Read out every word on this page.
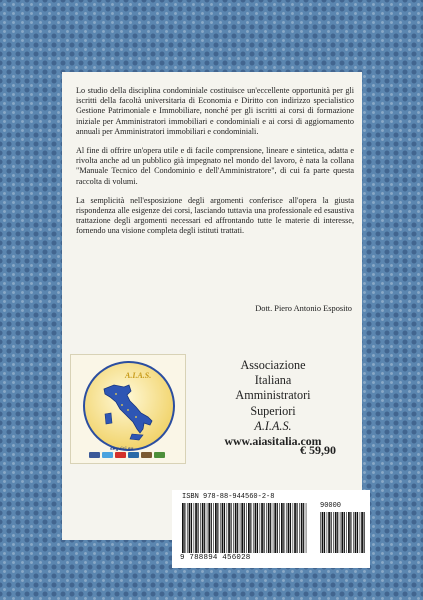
Lo studio della disciplina condominiale costituisce un'eccellente opportunità per gli iscritti della facoltà universitaria di Economia e Diritto con indirizzo specialistico Gestione Patrimoniale e Immobiliare, nonché per gli iscritti ai corsi di formazione iniziale per Amministratori immobiliari e condominiali e ai corsi di aggiornamento annuali per Amministratori immobiliari e condominiali.

Al fine di offrire un'opera utile e di facile comprensione, lineare e sintetica, adatta e rivolta anche ad un pubblico già impegnato nel mondo del lavoro, è nata la collana "Manuale Tecnico del Condominio e dell'Amministratore", di cui fa parte questa raccolta di volumi.

La semplicità nell'esposizione degli argomenti conferisce all'opera la giusta rispondenza alle esigenze dei corsi, lasciando tuttavia una professionale ed esaustiva trattazione degli argomenti necessari ed affrontando tutte le materie di interesse, fornendo una visione completa degli istituti trattati.

Dott. Piero Antonio Esposito
A.I.A.S.
seguici su
Associazione
Italiana
Amministratori
Superiori
A.I.A.S.
www.aiasitalia.com
€ 59,90
ISBN 978-88-944560-2-8
90000
9 788894 456028
